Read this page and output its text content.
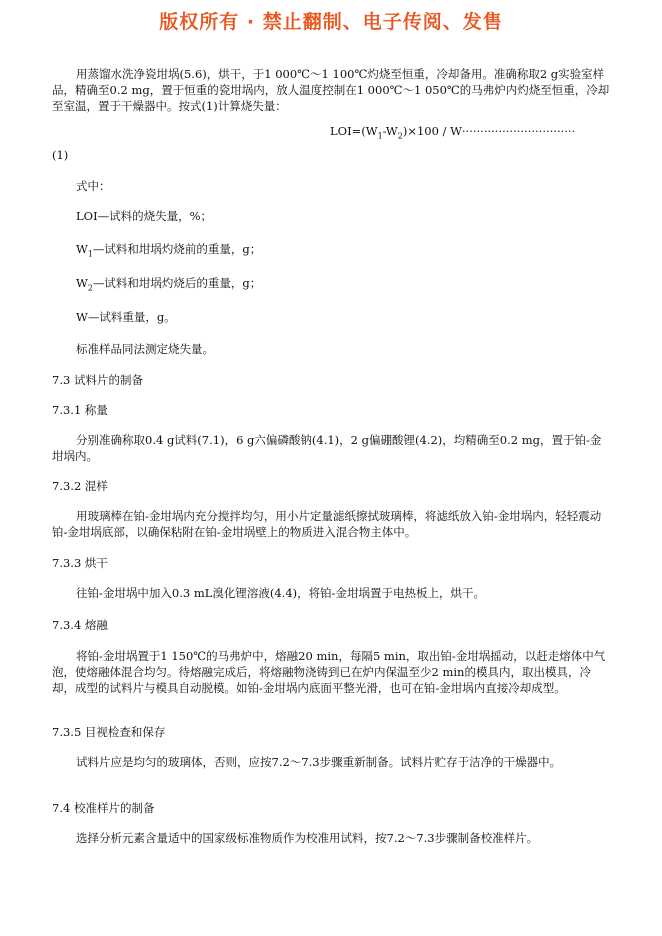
版权所有 · 禁止翻制、电子传阅、发售

用蒸馏水洗净瓷坩埚(5.6)，烘干，于1 000℃～1 100℃灼烧至恒重，冷却备用。准确称取2 g实验室样品，精确至0.2 mg，置于恒重的瓷坩埚内，放人温度控制在1 000℃～1 050℃的马弗炉内灼烧至恒重，冷却至室温，置于干燥器中。按式(1)计算烧失量：

$LOI=(W_1-W_2)\times 100 / W\cdot\cdot\cdot\cdot\cdot\cdot\cdot\cdot\cdot\cdot\cdot\cdot\cdot\cdot\cdot\cdot\cdot\cdot\cdot\cdot\cdot\cdot\cdot\cdot\cdot\cdot\cdot\cdot\cdot\cdot\cdot$
(1)
式中：
LOI—试料的烧失量，%；
$W_1—$试料和坩埚灼烧前的重量，g；
$W_2—$试料和坩埚灼烧后的重量，g；
W—试料重量，g。
标准样品同法测定烧失量。
7.3 试料片的制备
7.3.1 称量

分别准确称取0.4 g试料(7.1)，6 g六偏磷酸钠(4.1)，2 g偏硼酸锂(4.2)，均精确至0.2 mg，置于铂-金坩埚内。

7.3.2 混样

用玻璃棒在铂-金坩埚内充分搅拌均匀，用小片定量滤纸擦拭玻璃棒，将滤纸放入铂-金坩埚内，轻轻震动铂-金坩埚底部，以确保粘附在铂-金坩埚壁上的物质进入混合物主体中。

7.3.3 烘干

往铂-金坩埚中加入0.3 mL溴化锂溶液(4.4)，将铂-金坩埚置于电热板上，烘干。

7.3.4 熔融

将铂-金坩埚置于1 150℃的马弗炉中，熔融20 min，每隔5 min，取出铂-金坩埚摇动，以赶走熔体中气泡，使熔融体混合均匀。待熔融完成后，将熔融物浇铸到已在炉内保温至少2 min的模具内，取出模具，冷却，成型的试料片与模具自动脱模。如铂-金坩埚内底面平整光滑，也可在铂-金坩埚内直接冷却成型。

7.3.5 目视检查和保存

试料片应是均匀的玻璃体，否则，应按7.2～7.3步骤重新制备。试料片贮存于洁净的干燥器中。

7.4 校准样片的制备

选择分析元素含量适中的国家级标准物质作为校准用试料，按7.2～7.3步骤制备校准样片。
